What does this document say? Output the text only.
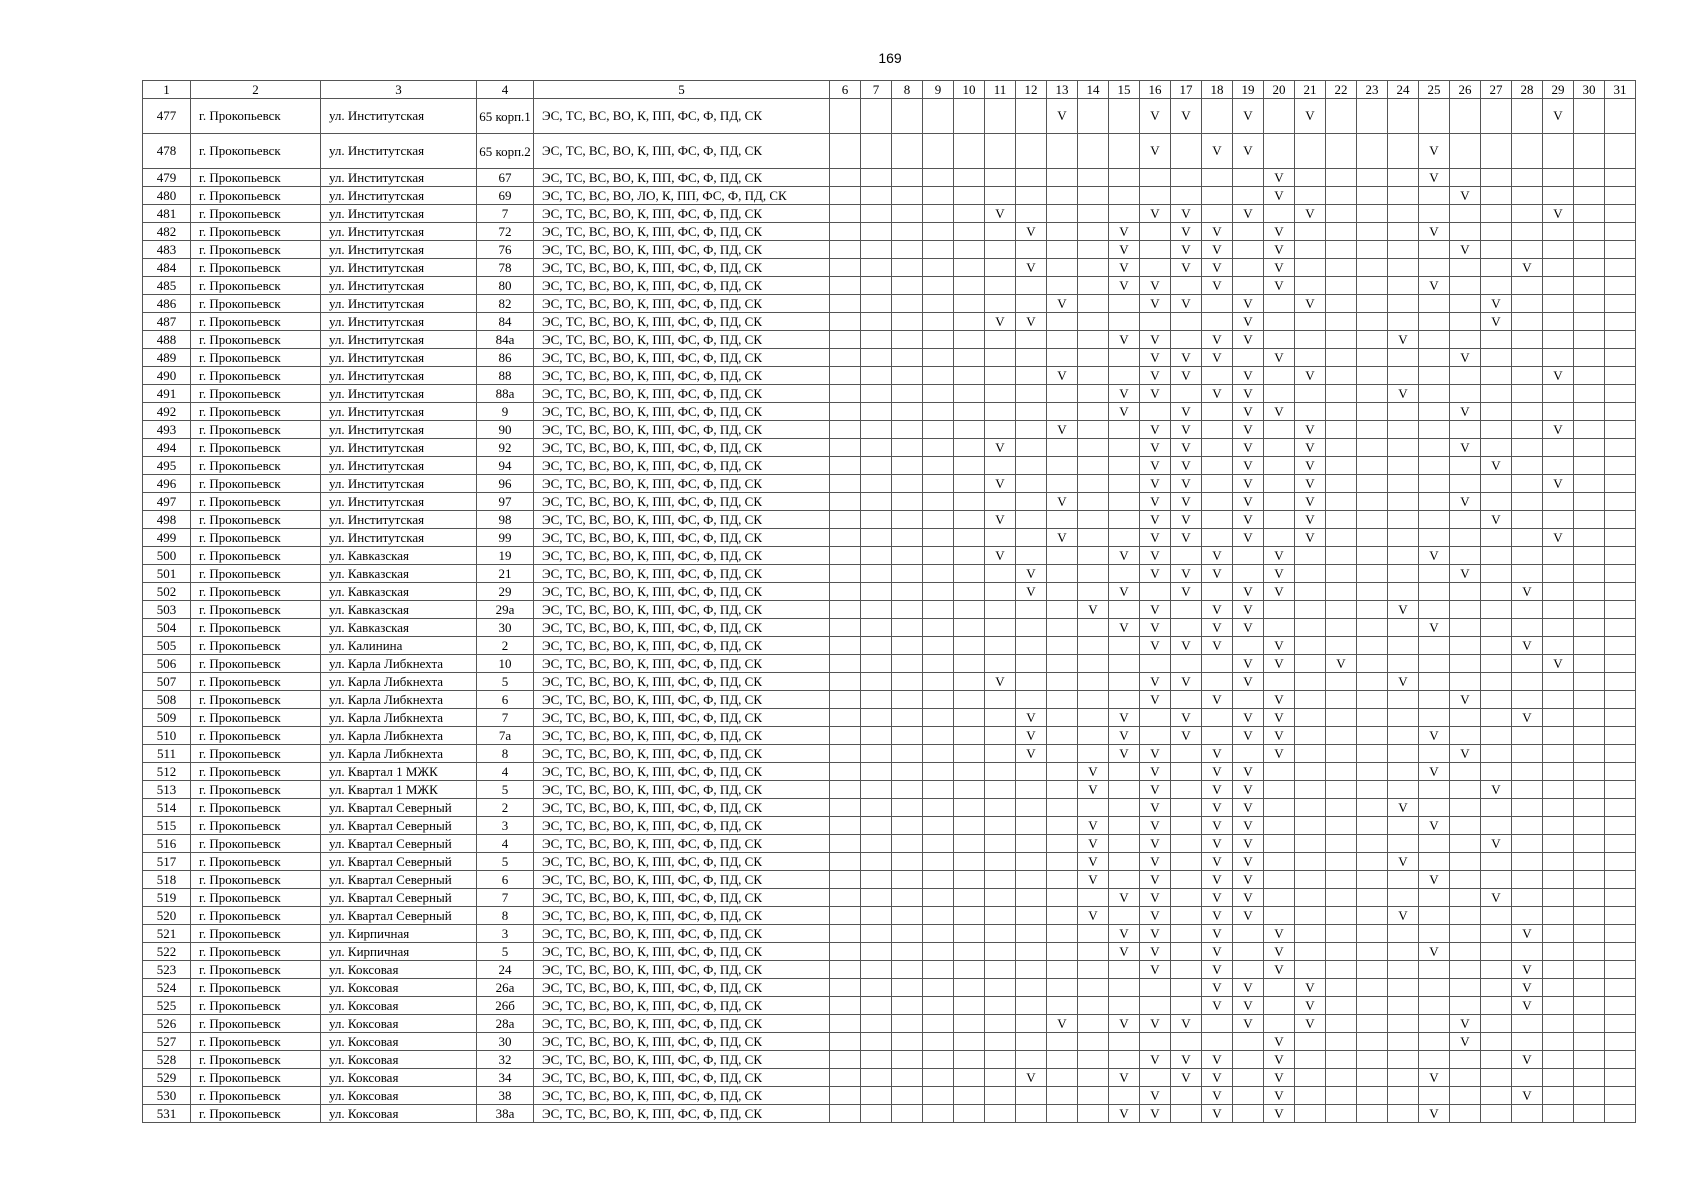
169
1	2	3	4	5	6	7	8	9	10	11	12	13	14	15	16	17	18	19	20	21	22	23	24	25	26	27	28	29	30	31
477	г. Прокопьевск	ул. Институтская	65 корп.1	ЭС, ТС, ВС, ВО, К, ПП, ФС, Ф, ПД, СК								V			V	V		V		V								V		
478	г. Прокопьевск	ул. Институтская	65 корп.2	ЭС, ТС, ВС, ВО, К, ПП, ФС, Ф, ПД, СК											V		V	V						V						
479	г. Прокопьевск	ул. Институтская	67	ЭС, ТС, ВС, ВО, К, ПП, ФС, Ф, ПД, СК															V					V						
480	г. Прокопьевск	ул. Институтская	69	ЭС, ТС, ВС, ВО, ЛО, К, ПП, ФС, Ф, ПД, СК															V						V					
481	г. Прокопьевск	ул. Институтская	7	ЭС, ТС, ВС, ВО, К, ПП, ФС, Ф, ПД, СК						V					V	V		V		V								V		
482	г. Прокопьевск	ул. Институтская	72	ЭС, ТС, ВС, ВО, К, ПП, ФС, Ф, ПД, СК							V			V		V	V		V					V						
483	г. Прокопьевск	ул. Институтская	76	ЭС, ТС, ВС, ВО, К, ПП, ФС, Ф, ПД, СК										V		V	V		V						V					
484	г. Прокопьевск	ул. Институтская	78	ЭС, ТС, ВС, ВО, К, ПП, ФС, Ф, ПД, СК							V			V		V	V		V								V			
485	г. Прокопьевск	ул. Институтская	80	ЭС, ТС, ВС, ВО, К, ПП, ФС, Ф, ПД, СК										V	V		V		V					V						
486	г. Прокопьевск	ул. Институтская	82	ЭС, ТС, ВС, ВО, К, ПП, ФС, Ф, ПД, СК								V			V	V		V		V						V				
487	г. Прокопьевск	ул. Институтская	84	ЭС, ТС, ВС, ВО, К, ПП, ФС, Ф, ПД, СК						V	V							V								V				
488	г. Прокопьевск	ул. Институтская	84а	ЭС, ТС, ВС, ВО, К, ПП, ФС, Ф, ПД, СК										V	V		V	V					V							
489	г. Прокопьевск	ул. Институтская	86	ЭС, ТС, ВС, ВО, К, ПП, ФС, Ф, ПД, СК											V	V	V		V						V					
490	г. Прокопьевск	ул. Институтская	88	ЭС, ТС, ВС, ВО, К, ПП, ФС, Ф, ПД, СК								V			V	V		V		V								V		
491	г. Прокопьевск	ул. Институтская	88а	ЭС, ТС, ВС, ВО, К, ПП, ФС, Ф, ПД, СК										V	V		V	V					V							
492	г. Прокопьевск	ул. Институтская	9	ЭС, ТС, ВС, ВО, К, ПП, ФС, Ф, ПД, СК										V		V		V	V						V					
493	г. Прокопьевск	ул. Институтская	90	ЭС, ТС, ВС, ВО, К, ПП, ФС, Ф, ПД, СК								V			V	V		V		V								V		
494	г. Прокопьевск	ул. Институтская	92	ЭС, ТС, ВС, ВО, К, ПП, ФС, Ф, ПД, СК						V					V	V		V		V					V					
495	г. Прокопьевск	ул. Институтская	94	ЭС, ТС, ВС, ВО, К, ПП, ФС, Ф, ПД, СК											V	V		V		V						V				
496	г. Прокопьевск	ул. Институтская	96	ЭС, ТС, ВС, ВО, К, ПП, ФС, Ф, ПД, СК						V					V	V		V		V								V		
497	г. Прокопьевск	ул. Институтская	97	ЭС, ТС, ВС, ВО, К, ПП, ФС, Ф, ПД, СК								V			V	V		V		V					V					
498	г. Прокопьевск	ул. Институтская	98	ЭС, ТС, ВС, ВО, К, ПП, ФС, Ф, ПД, СК						V					V	V		V		V						V				
499	г. Прокопьевск	ул. Институтская	99	ЭС, ТС, ВС, ВО, К, ПП, ФС, Ф, ПД, СК								V			V	V		V		V								V		
500	г. Прокопьевск	ул. Кавказская	19	ЭС, ТС, ВС, ВО, К, ПП, ФС, Ф, ПД, СК						V				V	V		V		V					V						
501	г. Прокопьевск	ул. Кавказская	21	ЭС, ТС, ВС, ВО, К, ПП, ФС, Ф, ПД, СК							V				V	V	V		V						V					
502	г. Прокопьевск	ул. Кавказская	29	ЭС, ТС, ВС, ВО, К, ПП, ФС, Ф, ПД, СК							V			V		V		V	V								V			
503	г. Прокопьевск	ул. Кавказская	29а	ЭС, ТС, ВС, ВО, К, ПП, ФС, Ф, ПД, СК									V		V		V	V					V							
504	г. Прокопьевск	ул. Кавказская	30	ЭС, ТС, ВС, ВО, К, ПП, ФС, Ф, ПД, СК										V	V		V	V						V						
505	г. Прокопьевск	ул. Калинина	2	ЭС, ТС, ВС, ВО, К, ПП, ФС, Ф, ПД, СК											V	V	V		V								V			
506	г. Прокопьевск	ул. Карла Либкнехта	10	ЭС, ТС, ВС, ВО, К, ПП, ФС, Ф, ПД, СК														V	V		V							V		
507	г. Прокопьевск	ул. Карла Либкнехта	5	ЭС, ТС, ВС, ВО, К, ПП, ФС, Ф, ПД, СК						V					V	V		V					V							
508	г. Прокопьевск	ул. Карла Либкнехта	6	ЭС, ТС, ВС, ВО, К, ПП, ФС, Ф, ПД, СК											V		V		V						V					
509	г. Прокопьевск	ул. Карла Либкнехта	7	ЭС, ТС, ВС, ВО, К, ПП, ФС, Ф, ПД, СК							V			V		V		V	V								V			
510	г. Прокопьевск	ул. Карла Либкнехта	7а	ЭС, ТС, ВС, ВО, К, ПП, ФС, Ф, ПД, СК							V			V		V		V	V					V						
511	г. Прокопьевск	ул. Карла Либкнехта	8	ЭС, ТС, ВС, ВО, К, ПП, ФС, Ф, ПД, СК							V			V	V		V		V						V					
512	г. Прокопьевск	ул. Квартал 1 МЖК	4	ЭС, ТС, ВС, ВО, К, ПП, ФС, Ф, ПД, СК									V		V		V	V						V						
513	г. Прокопьевск	ул. Квартал 1 МЖК	5	ЭС, ТС, ВС, ВО, К, ПП, ФС, Ф, ПД, СК									V		V		V	V								V				
514	г. Прокопьевск	ул. Квартал Северный	2	ЭС, ТС, ВС, ВО, К, ПП, ФС, Ф, ПД, СК											V		V	V					V							
515	г. Прокопьевск	ул. Квартал Северный	3	ЭС, ТС, ВС, ВО, К, ПП, ФС, Ф, ПД, СК									V		V		V	V						V						
516	г. Прокопьевск	ул. Квартал Северный	4	ЭС, ТС, ВС, ВО, К, ПП, ФС, Ф, ПД, СК									V		V		V	V								V				
517	г. Прокопьевск	ул. Квартал Северный	5	ЭС, ТС, ВС, ВО, К, ПП, ФС, Ф, ПД, СК									V		V		V	V					V							
518	г. Прокопьевск	ул. Квартал Северный	6	ЭС, ТС, ВС, ВО, К, ПП, ФС, Ф, ПД, СК									V		V		V	V						V						
519	г. Прокопьевск	ул. Квартал Северный	7	ЭС, ТС, ВС, ВО, К, ПП, ФС, Ф, ПД, СК										V	V		V	V								V				
520	г. Прокопьевск	ул. Квартал Северный	8	ЭС, ТС, ВС, ВО, К, ПП, ФС, Ф, ПД, СК									V		V		V	V					V							
521	г. Прокопьевск	ул. Кирпичная	3	ЭС, ТС, ВС, ВО, К, ПП, ФС, Ф, ПД, СК										V	V		V		V								V			
522	г. Прокопьевск	ул. Кирпичная	5	ЭС, ТС, ВС, ВО, К, ПП, ФС, Ф, ПД, СК										V	V		V		V					V						
523	г. Прокопьевск	ул. Коксовая	24	ЭС, ТС, ВС, ВО, К, ПП, ФС, Ф, ПД, СК											V		V		V								V			
524	г. Прокопьевск	ул. Коксовая	26а	ЭС, ТС, ВС, ВО, К, ПП, ФС, Ф, ПД, СК													V	V		V							V			
525	г. Прокопьевск	ул. Коксовая	26б	ЭС, ТС, ВС, ВО, К, ПП, ФС, Ф, ПД, СК													V	V		V							V			
526	г. Прокопьевск	ул. Коксовая	28а	ЭС, ТС, ВС, ВО, К, ПП, ФС, Ф, ПД, СК								V		V	V	V		V		V					V					
527	г. Прокопьевск	ул. Коксовая	30	ЭС, ТС, ВС, ВО, К, ПП, ФС, Ф, ПД, СК															V						V					
528	г. Прокопьевск	ул. Коксовая	32	ЭС, ТС, ВС, ВО, К, ПП, ФС, Ф, ПД, СК											V	V	V		V								V			
529	г. Прокопьевск	ул. Коксовая	34	ЭС, ТС, ВС, ВО, К, ПП, ФС, Ф, ПД, СК							V			V		V	V		V					V						
530	г. Прокопьевск	ул. Коксовая	38	ЭС, ТС, ВС, ВО, К, ПП, ФС, Ф, ПД, СК											V		V		V								V			
531	г. Прокопьевск	ул. Коксовая	38а	ЭС, ТС, ВС, ВО, К, ПП, ФС, Ф, ПД, СК										V	V		V		V					V						
